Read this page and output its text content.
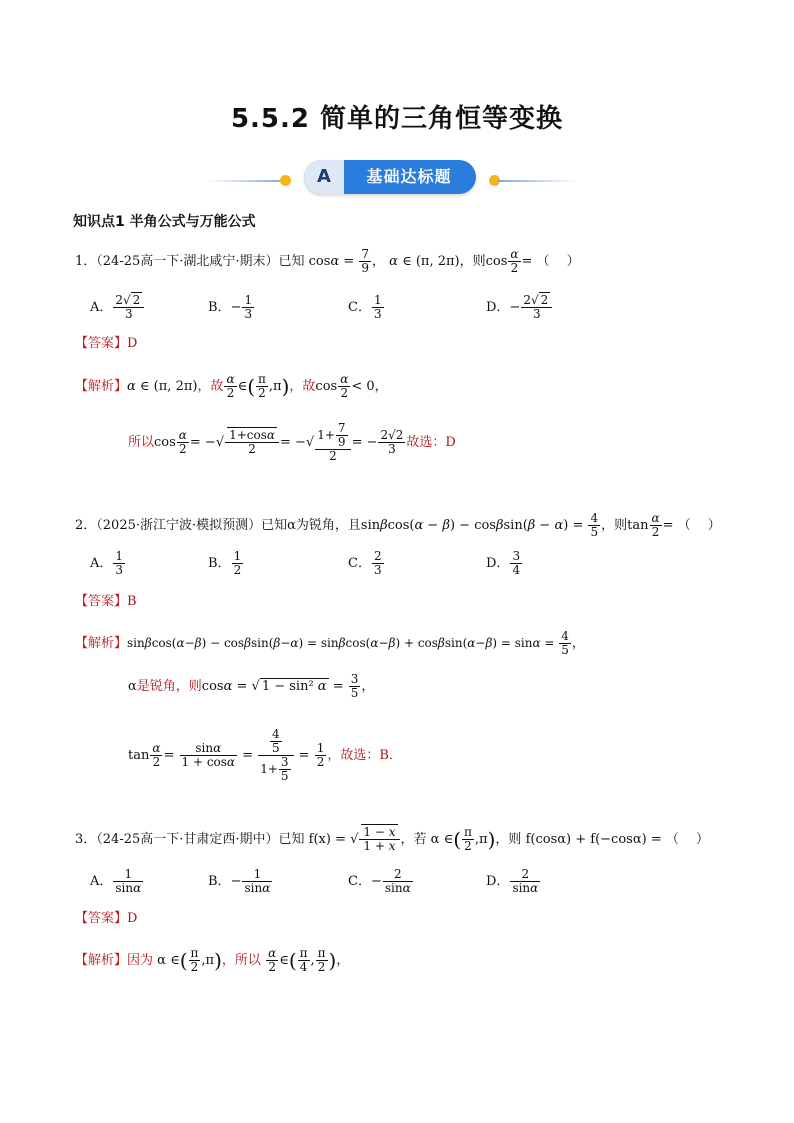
5.5.2 简单的三角恒等变换
A	基础达标题
知识点1 半角公式与万能公式
1．（24-25高一下·湖北咸宁·期末）已知 $\cos\alpha = \frac{7}{9}$ ， α ∈ (π, 2π)，则$\cos \frac{\alpha}{2}$ = （　 ）
A． $\frac{2√ 2}{3}$	B．− $\frac{1}{3}$	C． $\frac{1}{3}$	D．− $\frac{2√ 2}{3}$
【答案】D
【解析】α ∈ (π, 2π)，故 $\frac{\alpha}{2}$ ∈( $\frac{\pi}{2} ,\pi$)，故$\cos \frac{\alpha}{2} < 0$，
所以$\cos \frac{\alpha}{2}$ = −√ $\frac{1+\cos\alpha}{2}$ = −√ $\frac{1+ \frac{7}{9}}{2}$ = − $\frac{2√2}{3}$ 故选：D
2．（2025·浙江宁波·模拟预测）已知α为锐角，且$\sin\beta\cos(\alpha - \beta) - \cos\beta\sin(\beta - \alpha) = \frac{4}{5}$ ，则$\tan \frac{\alpha}{2}$ = （　 ）
A． $\frac{1}{3}$	B． $\frac{1}{2}$	C． $\frac{2}{3}$	D． $\frac{3}{4}$
【答案】B
【解析】$\sin\beta\cos(\alpha-\beta) - \cos\beta\sin(\beta-\alpha) = \sin\beta\cos(\alpha-\beta) + \cos\beta\sin(\alpha-\beta) = \sin\alpha = \frac{4}{5}$ ，
α是锐角，则cosα = √ 1 − sin² $\alpha = \frac{3}{5}$ ，
$\tan \frac{\alpha}{2} = \frac{\sin\alpha}{1 + \cos\alpha} = \frac{\frac{4}{5}}{1+ \frac{3}{5}} = \frac{1}{2}$ ，故选：B．
3．（24-25高一下·甘肃定西·期中）已知 f(x) = √ $\frac{1 - x}{1 + x}$ ，若 α ∈( $\frac{\pi}{2} ,\pi$)，则 f(cosα) + f(−cosα) = （　 ）
A． $\frac{1}{\sin\alpha}$	B．− $\frac{1}{\sin\alpha}$	C．− $\frac{2}{\sin\alpha}$	D． $\frac{2}{\sin\alpha}$
【答案】D
【解析】因为 α ∈( $\frac{\pi}{2} ,\pi$)，所以 $\frac{\alpha}{2}$ ∈( $\frac{\pi}{4}$ , $\frac{\pi}{2}$ )，
